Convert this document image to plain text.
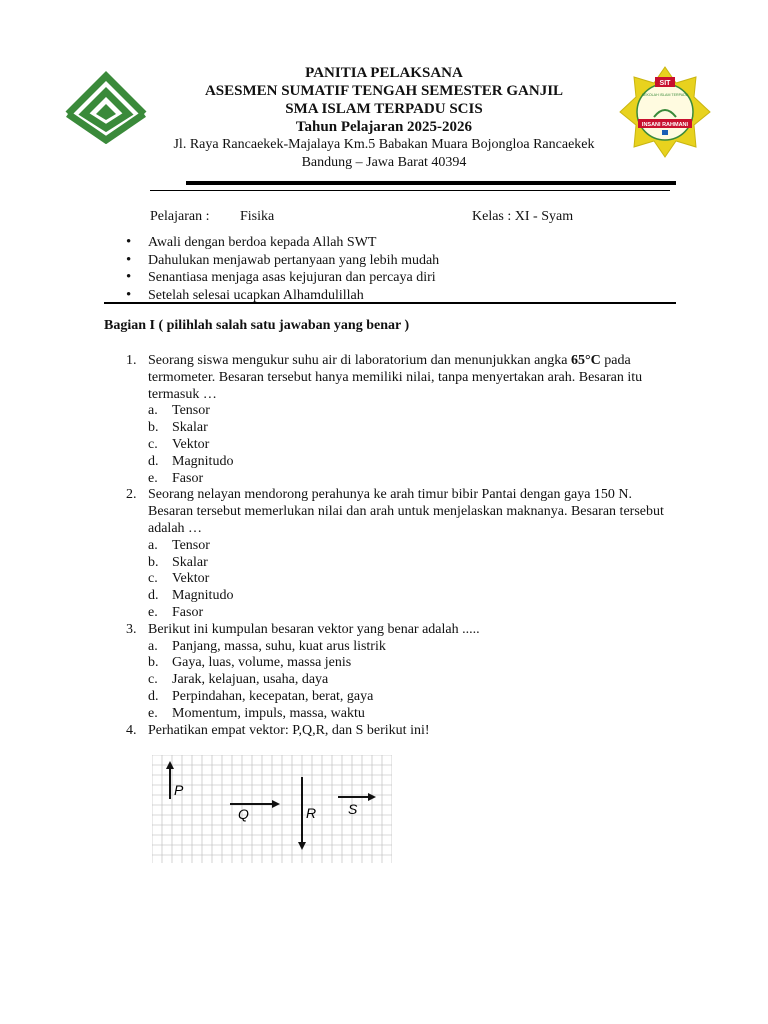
PANITIA PELAKSANA
ASESMEN SUMATIF TENGAH SEMESTER GANJIL
SMA ISLAM TERPADU SCIS
Tahun Pelajaran 2025-2026
Jl. Raya Rancaekek-Majalaya Km.5 Babakan Muara Bojongloa Rancaekek
Bandung – Jawa Barat 40394
SIT
SEKOLAH ISLAM TERPADU
INSANI RAHMANI
Pelajaran : Fisika	Kelas : XI - Syam
• Awali dengan berdoa kepada Allah SWT
• Dahulukan menjawab pertanyaan yang lebih mudah
• Senantiasa menjaga asas kejujuran dan percaya diri
• Setelah selesai ucapkan Alhamdulillah
Bagian I ( pilihlah salah satu jawaban yang benar )
1. Seorang siswa mengukur suhu air di laboratorium dan menunjukkan angka 65°C pada termometer. Besaran tersebut hanya memiliki nilai, tanpa menyertakan arah. Besaran itu termasuk …
a. Tensor
b. Skalar
c. Vektor
d. Magnitudo
e. Fasor
2. Seorang nelayan mendorong perahunya ke arah timur bibir Pantai dengan gaya 150 N. Besaran tersebut memerlukan nilai dan arah untuk menjelaskan maknanya. Besaran tersebut adalah …
a. Tensor
b. Skalar
c. Vektor
d. Magnitudo
e. Fasor
3. Berikut ini kumpulan besaran vektor yang benar adalah .....
a. Panjang, massa, suhu, kuat arus listrik
b. Gaya, luas, volume, massa jenis
c. Jarak, kelajuan, usaha, daya
d. Perpindahan, kecepatan, berat, gaya
e. Momentum, impuls, massa, waktu
4. Perhatikan empat vektor: P,Q,R, dan S berikut ini!
P
Q	R S
